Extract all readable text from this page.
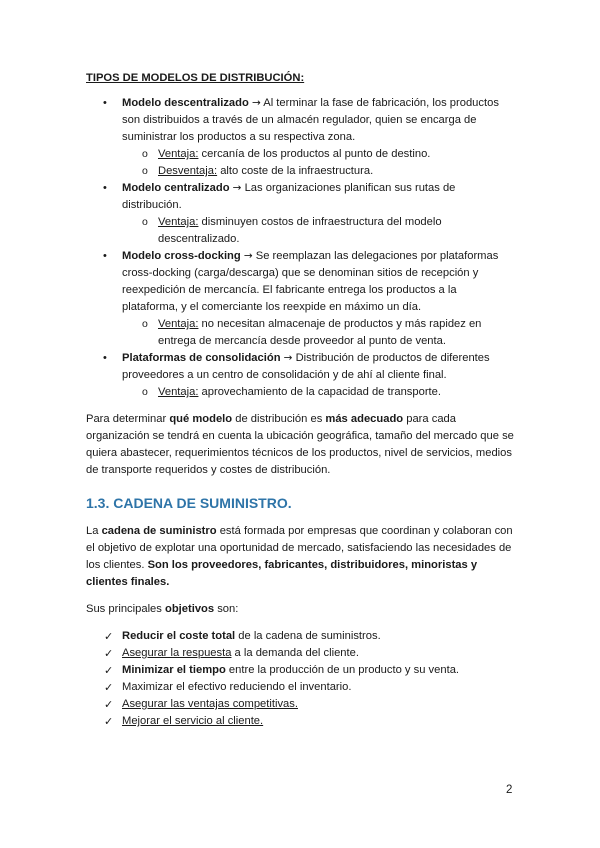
TIPOS DE MODELOS DE DISTRIBUCIÓN:
• Modelo descentralizado → Al terminar la fase de fabricación, los productos son distribuidos a través de un almacén regulador, quien se encarga de suministrar los productos a su respectiva zona.
o Ventaja: cercanía de los productos al punto de destino.
o Desventaja: alto coste de la infraestructura.
• Modelo centralizado → Las organizaciones planifican sus rutas de distribución.
o Ventaja: disminuyen costos de infraestructura del modelo descentralizado.
• Modelo cross-docking → Se reemplazan las delegaciones por plataformas cross-docking (carga/descarga) que se denominan sitios de recepción y reexpedición de mercancía. El fabricante entrega los productos a la plataforma, y el comerciante los reexpide en máximo un día.
o Ventaja: no necesitan almacenaje de productos y más rapidez en entrega de mercancía desde proveedor al punto de venta.
• Plataformas de consolidación → Distribución de productos de diferentes proveedores a un centro de consolidación y de ahí al cliente final.
o Ventaja: aprovechamiento de la capacidad de transporte.

Para determinar qué modelo de distribución es más adecuado para cada organización se tendrá en cuenta la ubicación geográfica, tamaño del mercado que se quiera abastecer, requerimientos técnicos de los productos, nivel de servicios, medios de transporte requeridos y costes de distribución.

1.3. CADENA DE SUMINISTRO.

La cadena de suministro está formada por empresas que coordinan y colaboran con el objetivo de explotar una oportunidad de mercado, satisfaciendo las necesidades de los clientes. Son los proveedores, fabricantes, distribuidores, minoristas y clientes finales.

Sus principales objetivos son:

✓ Reducir el coste total de la cadena de suministros.
✓ Asegurar la respuesta a la demanda del cliente.
✓ Minimizar el tiempo entre la producción de un producto y su venta.
✓ Maximizar el efectivo reduciendo el inventario.
✓ Asegurar las ventajas competitivas.
✓ Mejorar el servicio al cliente.
2
